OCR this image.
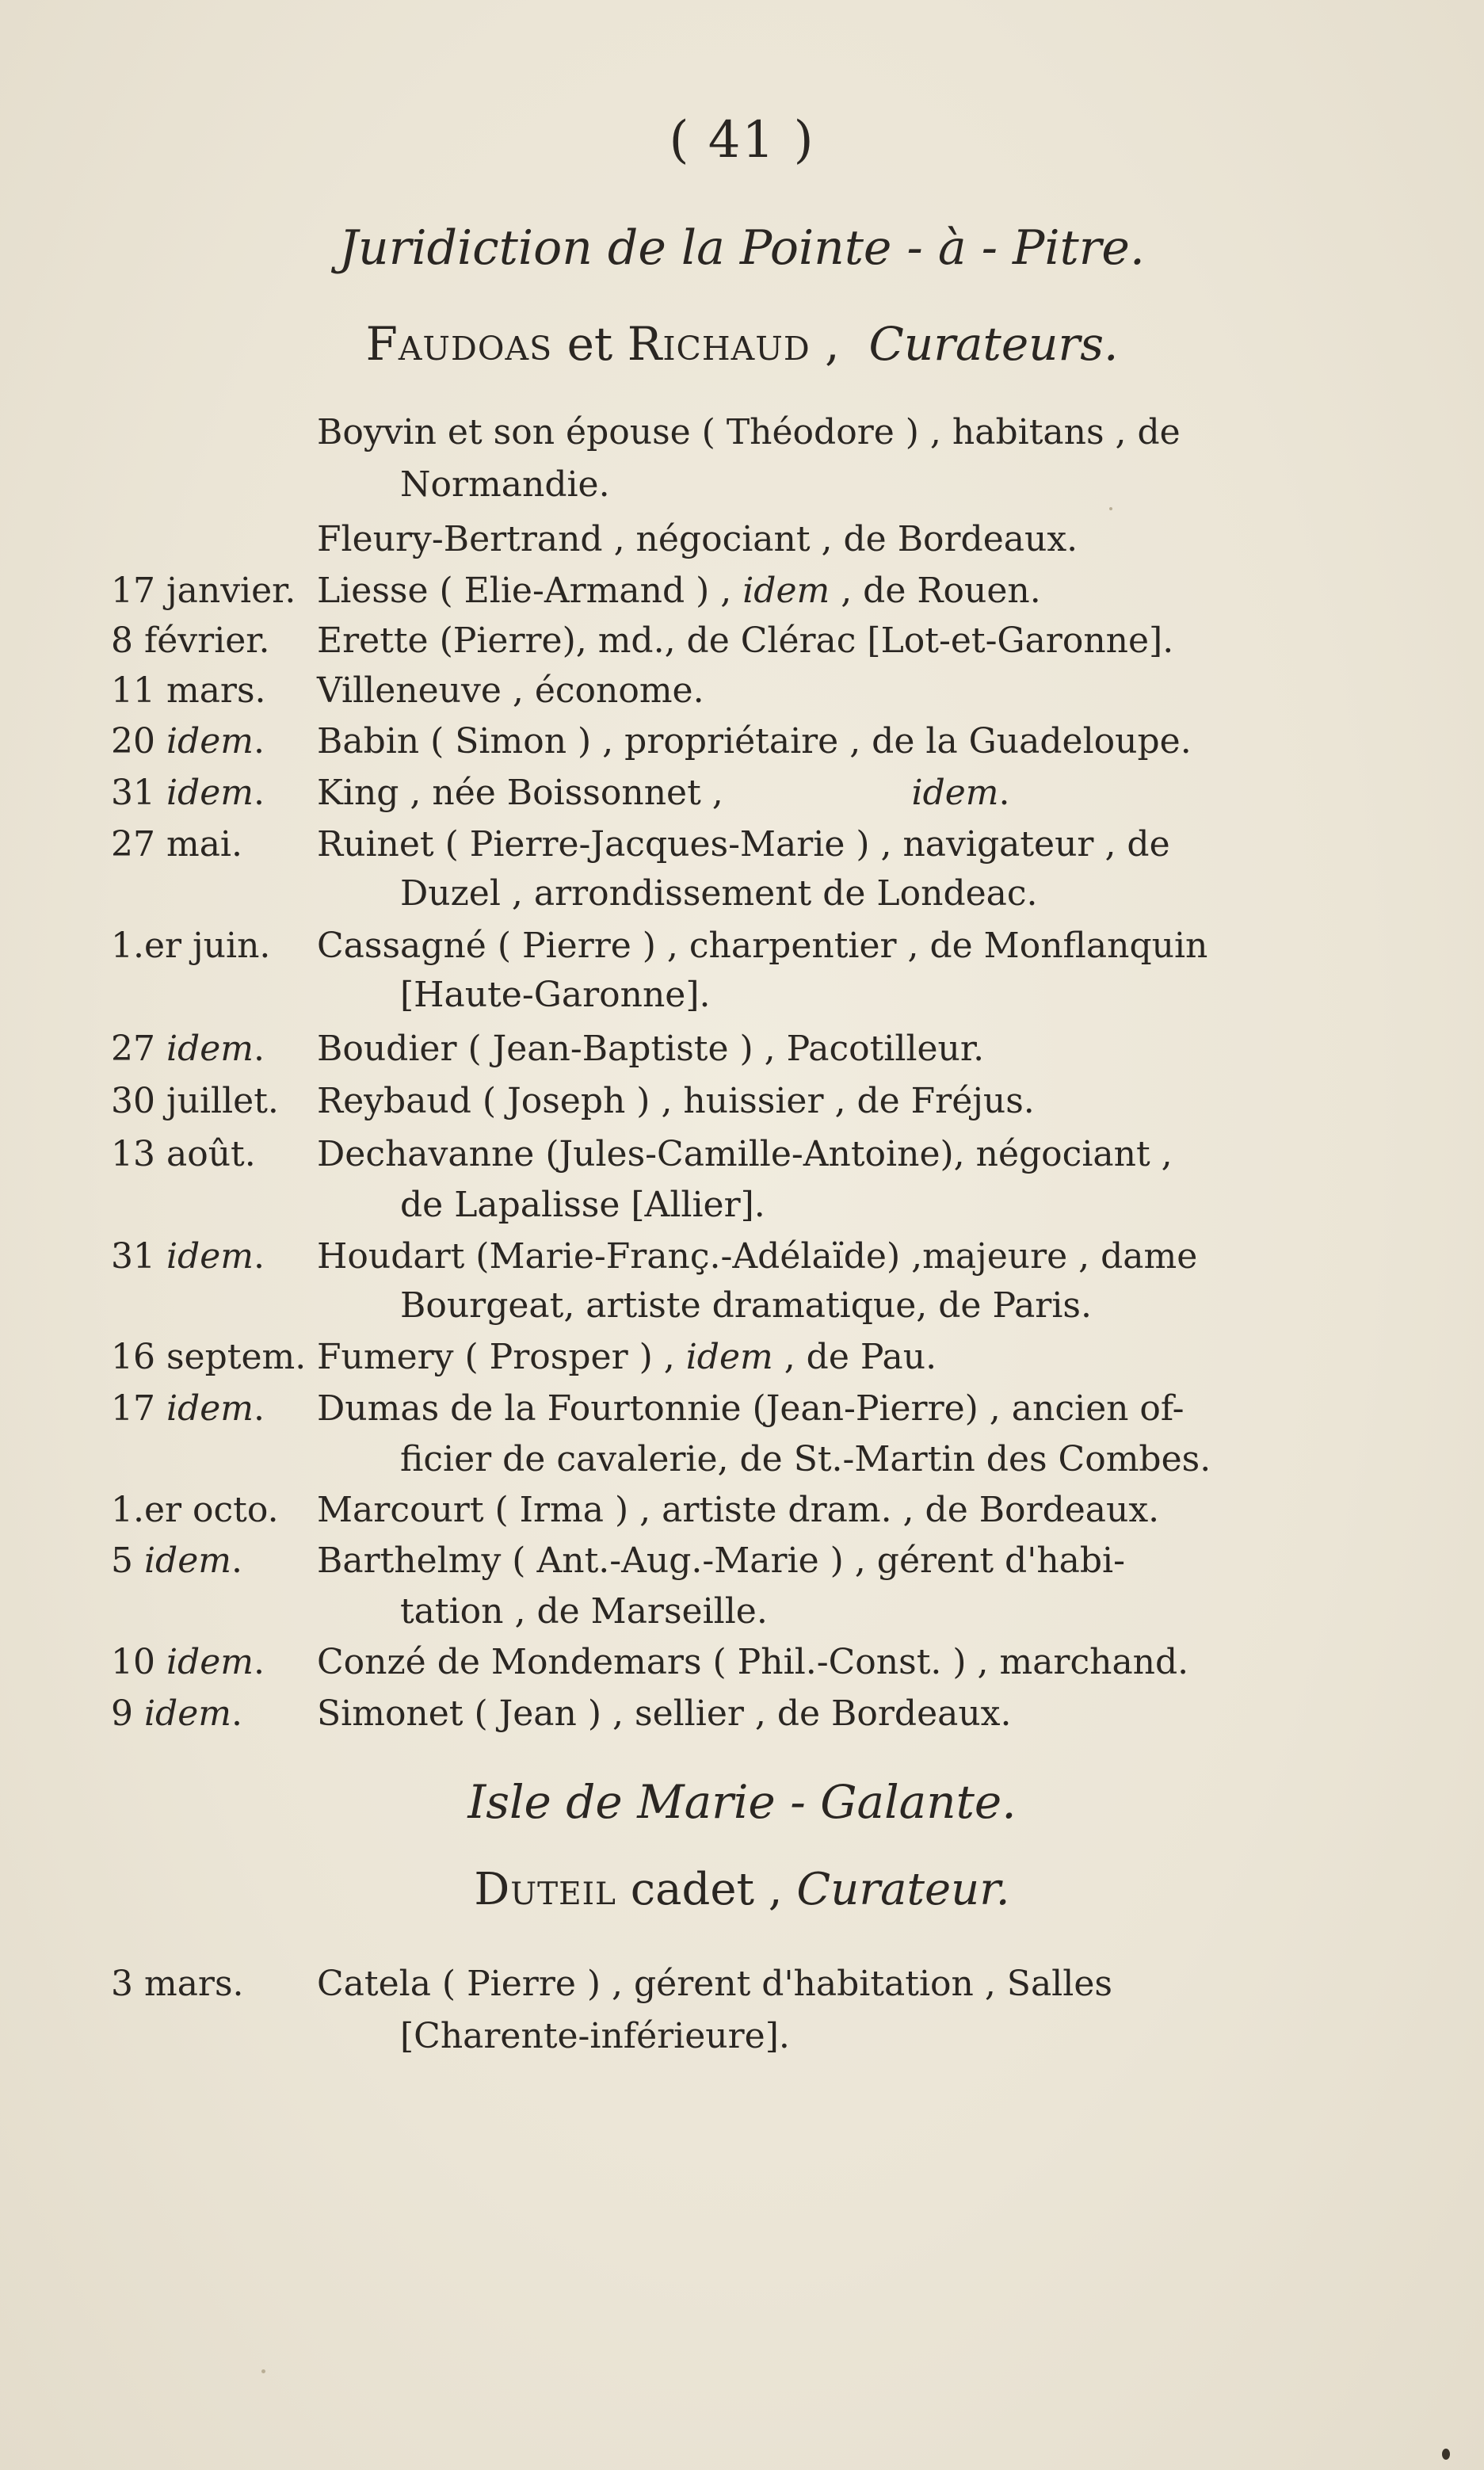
( 41 )
Juridiction de la Pointe - à - Pitre.
Faudoas et Richaud ,  Curateurs.
Boyvin et son épouse ( Théodore ) , habitans , de
Normandie.
Fleury-Bertrand , négociant , de Bordeaux.
17 janvier. Liesse ( Elie-Armand ) , idem , de Rouen.
8 février.	Erette (Pierre), md., de Clérac [Lot-et-Garonne].
11 mars.	Villeneuve , économe.
20 idem.	Babin ( Simon ) , propriétaire , de la Guadeloupe.
31 idem.	King , née Boissonnet ,                 idem.
27 mai.	Ruinet ( Pierre-Jacques-Marie ) , navigateur , de
Duzel , arrondissement de Londeac.
1.er juin.	Cassagné ( Pierre ) , charpentier , de Monflanquin
[Haute-Garonne].
27 idem.	Boudier ( Jean-Baptiste ) , Pacotilleur.
30 juillet.	Reybaud ( Joseph ) , huissier , de Fréjus.
13 août.	Dechavanne (Jules-Camille-Antoine), négociant ,
de Lapalisse [Allier].
31 idem.	Houdart (Marie-Franç.-Adélaïde) ,majeure , dame
Bourgeat, artiste dramatique, de Paris.
16 septem. Fumery ( Prosper ) , idem , de Pau.
17 idem.	Dumas de la Fourtonnie (Jean-Pierre) , ancien of-
ficier de cavalerie, de St.-Martin des Combes.
1.er octo.	Marcourt ( Irma ) , artiste dram. , de Bordeaux.
5 idem.	Barthelmy ( Ant.-Aug.-Marie ) , gérent d'habi-
tation , de Marseille.
10 idem.	Conzé de Mondemars ( Phil.-Const. ) , marchand.
9 idem.	Simonet ( Jean ) , sellier , de Bordeaux.
Isle de Marie - Galante.
Duteil cadet , Curateur.
3 mars.	Catela ( Pierre ) , gérent d'habitation , Salles
[Charente-inférieure].
